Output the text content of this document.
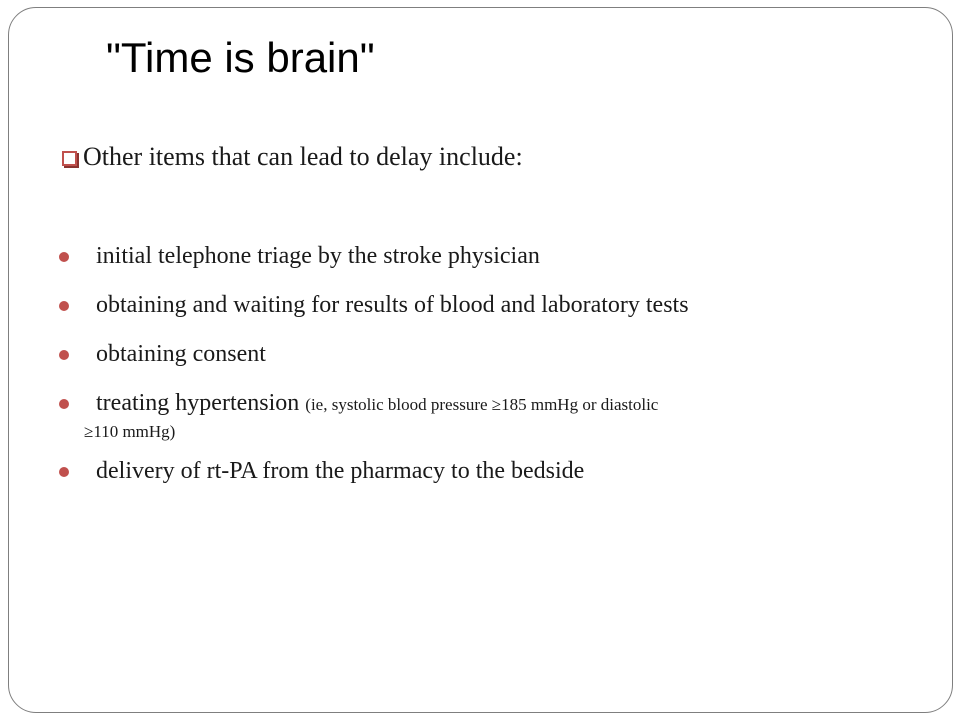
"Time is brain"
Other items that can lead to delay include:
initial telephone triage by the stroke physician
obtaining and waiting for results of blood and laboratory tests
obtaining consent
treating hypertension (ie, systolic blood pressure ≥185 mmHg or diastolic
≥110 mmHg)
delivery of rt-PA from the pharmacy to the bedside
